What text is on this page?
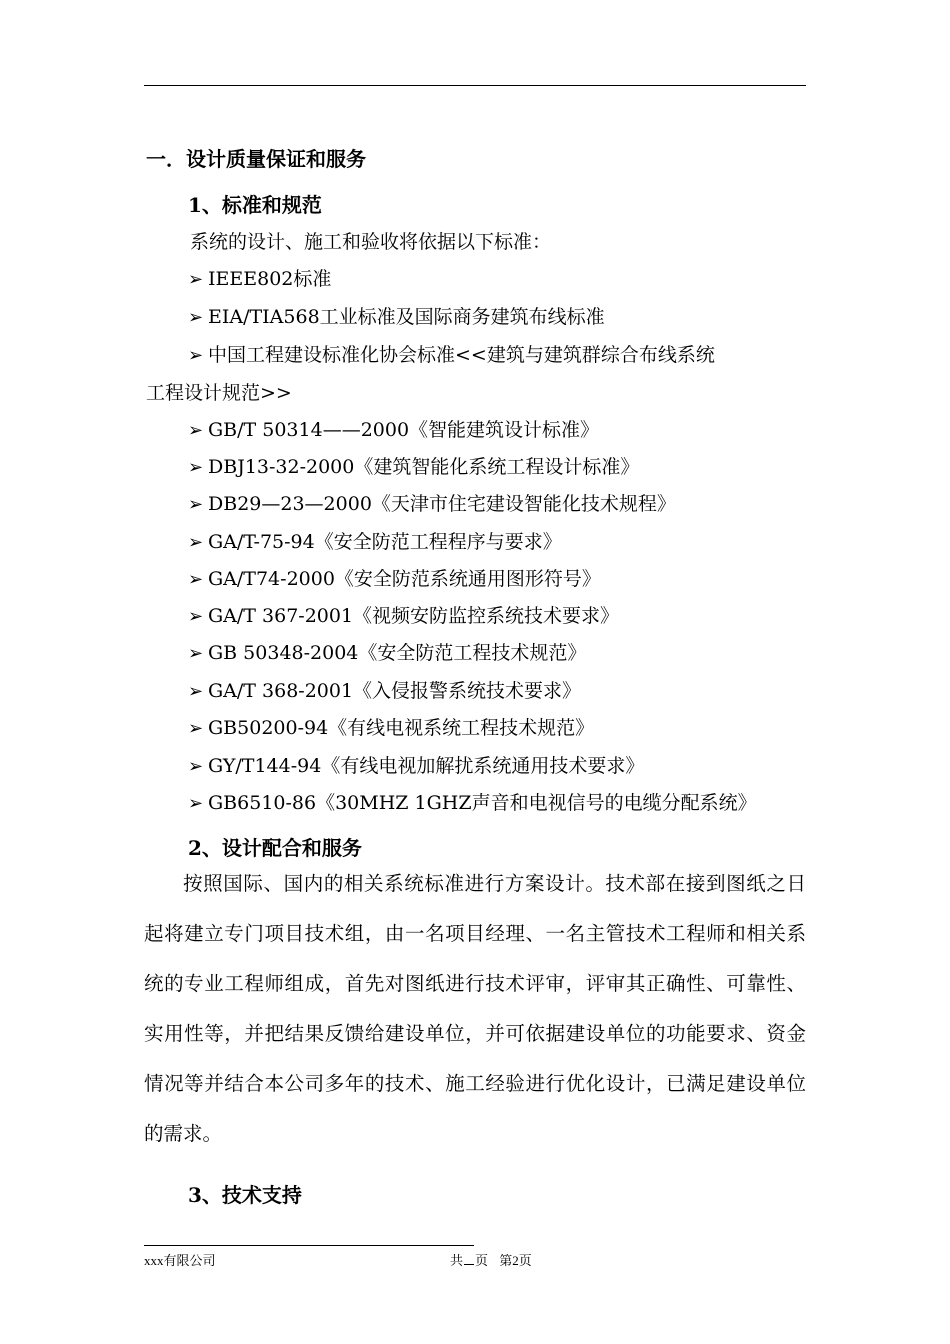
一．设计质量保证和服务
1、标准和规范
系统的设计、施工和验收将依据以下标准：
➢ IEEE802标准
➢ EIA/TIA568工业标准及国际商务建筑布线标准
➢ 中国工程建设标准化协会标准<<建筑与建筑群综合布线系统
➢ GB/T 50314——2000《智能建筑设计标准》
➢ DBJ13-32-2000《建筑智能化系统工程设计标准》
➢ DB29—23—2000《天津市住宅建设智能化技术规程》
➢ GA/T-75-94《安全防范工程程序与要求》
➢ GA/T74-2000《安全防范系统通用图形符号》
➢ GA/T 367-2001《视频安防监控系统技术要求》
➢ GB 50348-2004《安全防范工程技术规范》
➢ GA/T 368-2001《入侵报警系统技术要求》
➢ GB50200-94《有线电视系统工程技术规范》
➢ GY/T144-94《有线电视加解扰系统通用技术要求》
➢ GB6510-86《30MHZ 1GHZ声音和电视信号的电缆分配系统》
工程设计规范>>
2、设计配合和服务
按照国际、国内的相关系统标准进行方案设计。技术部在接到图纸之日起将建立专门项目技术组，由一名项目经理、一名主管技术工程师和相关系统的专业工程师组成，首先对图纸进行技术评审，评审其正确性、可靠性、实用性等，并把结果反馈给建设单位，并可依据建设单位的功能要求、资金情况等并结合本公司多年的技术、施工经验进行优化设计，已满足建设单位的需求。
3、技术支持
xxx有限公司	共 页 第2页
